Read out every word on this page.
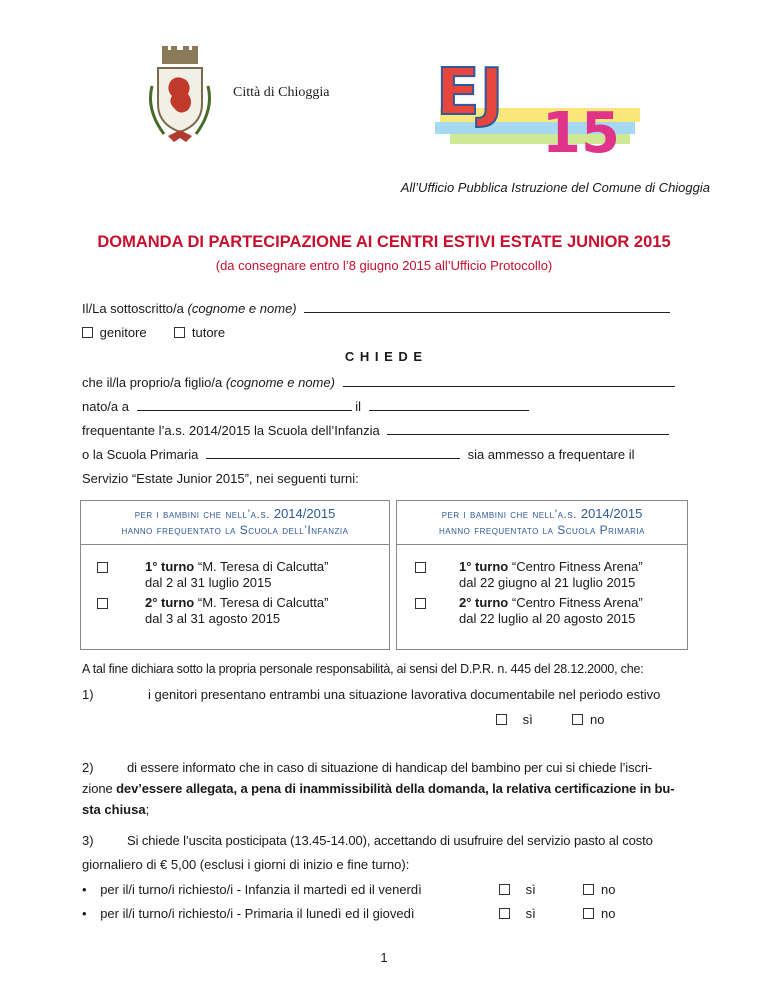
Città di Chioggia EJ
15
All’Ufficio Pubblica Istruzione del Comune di Chioggia
DOMANDA DI PARTECIPAZIONE AI CENTRI ESTIVI ESTATE JUNIOR 2015
(da consegnare entro l’8 giugno 2015 all’Ufficio Protocollo)
Il/La sottoscritto/a (cognome e nome)
genitore	tutore
C H I E D E
che il/la proprio/a figlio/a (cognome e nome)
nato/a a	il
frequentante l’a.s. 2014/2015 la Scuola dell’Infanzia
o la Scuola Primaria	sia ammesso a frequentare il
Servizio “Estate Junior 2015”, nei seguenti turni:
per i bambini che nell’a.s. 2014/2015
hanno frequentato la Scuola dell’Infanzia
1° turno “M. Teresa di Calcutta”
dal 2 al 31 luglio 2015
2° turno “M. Teresa di Calcutta”
dal 3 al 31 agosto 2015
per i bambini che nell’a.s. 2014/2015
hanno frequentato la Scuola Primaria
1° turno “Centro Fitness Arena”
dal 22 giugno al 21 luglio 2015
2° turno “Centro Fitness Arena”
dal 22 luglio al 20 agosto 2015
A tal fine dichiara sotto la propria personale responsabilità, ai sensi del D.P.R. n. 445 del 28.12.2000, che:
1)	i genitori presentano entrambi una situazione lavorativa documentabile nel periodo estivo
sì	no
2)	di essere informato che in caso di situazione di handicap del bambino per cui si chiede l’iscri-
zione dev’essere allegata, a pena di inammissibilità della domanda, la relativa certificazione in bu-
sta chiusa;
3)	Si chiede l’uscita posticipata (13.45-14.00), accettando di usufruire del servizio pasto al costo
giornaliero di € 5,00 (esclusi i giorni di inizio e fine turno):
• per il/i turno/i richiesto/i - Infanzia il martedì ed il venerdì	sì	no
• per il/i turno/i richiesto/i - Primaria il lunedì ed il giovedì	sì	no
1
